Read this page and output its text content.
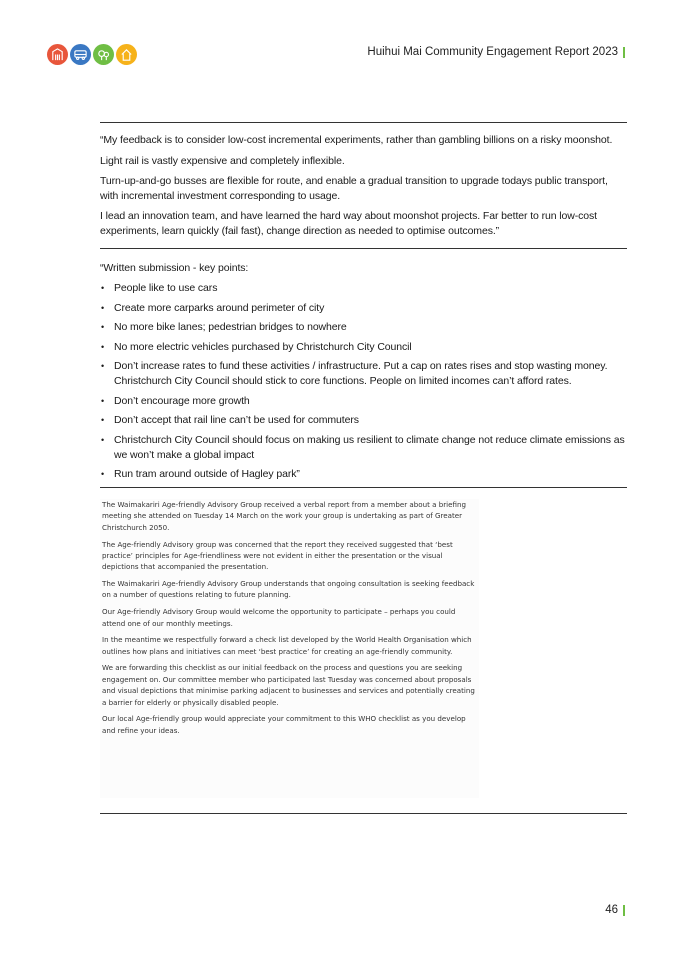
Huihui Mai Community Engagement Report 2023

“My feedback is to consider low-cost incremental experiments, rather than gambling billions on a risky moonshot.

Light rail is vastly expensive and completely inflexible.

Turn-up-and-go busses are flexible for route, and enable a gradual transition to upgrade todays public transport, with incremental investment corresponding to usage.

I lead an innovation team, and have learned the hard way about moonshot projects. Far better to run low-cost experiments, learn quickly (fail fast), change direction as needed to optimise outcomes.”

“Written submission - key points:

• People like to use cars
• Create more carparks around perimeter of city
• No more bike lanes; pedestrian bridges to nowhere
• No more electric vehicles purchased by Christchurch City Council
• Don’t increase rates to fund these activities / infrastructure. Put a cap on rates rises and stop wasting money. Christchurch City Council should stick to core functions. People on limited incomes can’t afford rates.
• Don’t encourage more growth
• Don’t accept that rail line can’t be used for commuters
• Christchurch City Council should focus on making us resilient to climate change not reduce climate emissions as we won’t make a global impact
• Run tram around outside of Hagley park”

The Waimakariri Age-friendly Advisory Group received a verbal report from a member about a briefing meeting she attended on Tuesday 14 March on the work your group is undertaking as part of Greater Christchurch 2050.

The Age-friendly Advisory group was concerned that the report they received suggested that ‘best practice’ principles for Age-friendliness were not evident in either the presentation or the visual depictions that accompanied the presentation.

The Waimakariri Age-friendly Advisory Group understands that ongoing consultation is seeking feedback on a number of questions relating to future planning.

Our Age-friendly Advisory Group would welcome the opportunity to participate – perhaps you could attend one of our monthly meetings.

In the meantime we respectfully forward a check list developed by the World Health Organisation which outlines how plans and initiatives can meet ‘best practice’ for creating an age-friendly community.

We are forwarding this checklist as our initial feedback on the process and questions you are seeking engagement on. Our committee member who participated last Tuesday was concerned about proposals and visual depictions that minimise parking adjacent to businesses and services and potentially creating a barrier for elderly or physically disabled people.

Our local Age-friendly group would appreciate your commitment to this WHO checklist as you develop and refine your ideas.

46
